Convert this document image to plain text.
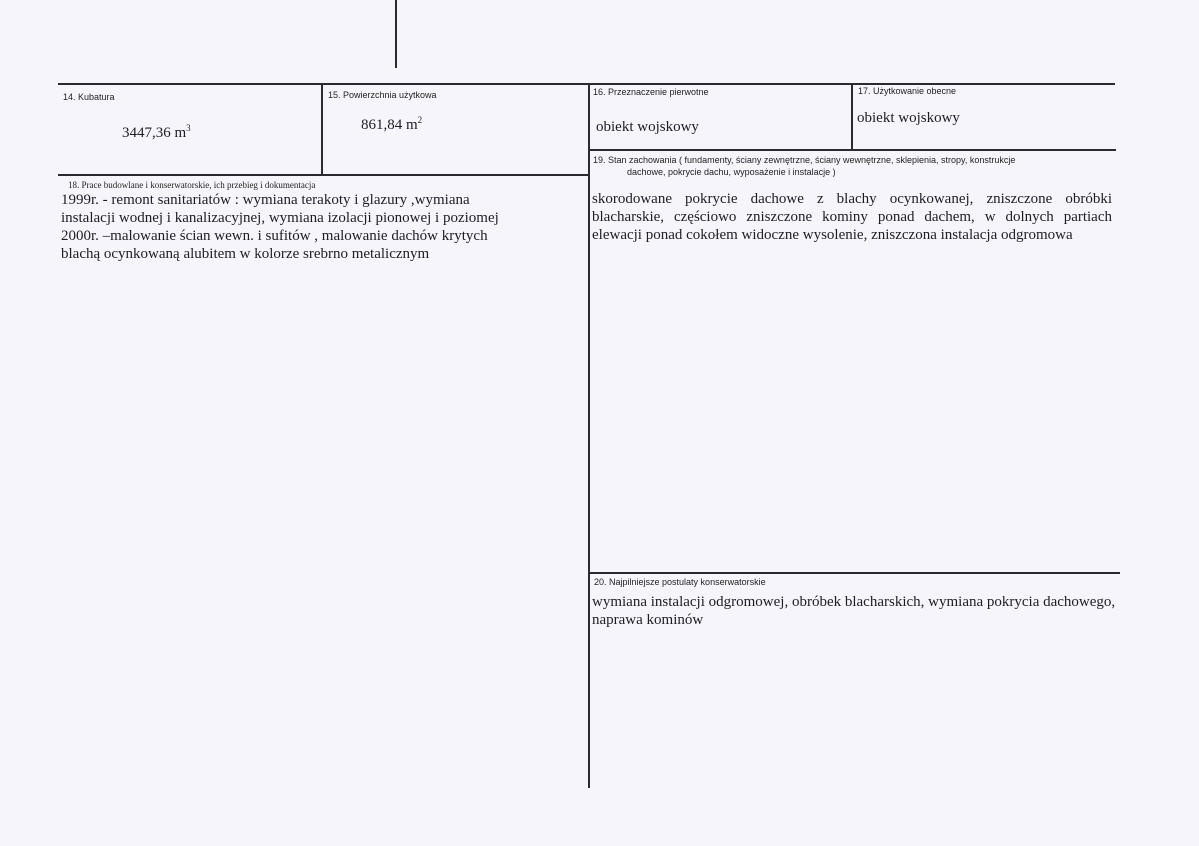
14. Kubatura
3447,36 $m^3$
15. Powierzchnia użytkowa
861,84 $m^2$
16. Przeznaczenie pierwotne
obiekt wojskowy
17. Użytkowanie obecne
obiekt wojskowy
18. Prace budowlane i konserwatorskie, ich przebieg i dokumentacja
1999r. - remont sanitariatów : wymiana terakoty i glazury ,wymiana
instalacji wodnej i kanalizacyjnej, wymiana izolacji pionowej i poziomej
2000r. –malowanie ścian wewn. i sufitów , malowanie dachów krytych
blachą ocynkowaną alubitem w kolorze srebrno metalicznym
19. Stan zachowania ( fundamenty, ściany zewnętrzne, ściany wewnętrzne, sklepienia, stropy, konstrukcje
dachowe, pokrycie dachu, wyposażenie i instalacje )
skorodowane pokrycie dachowe z blachy ocynkowanej, zniszczone obróbki blacharskie, częściowo zniszczone kominy ponad dachem, w dolnych partiach elewacji ponad cokołem widoczne wysolenie, zniszczona instalacja odgromowa
20. Najpilniejsze postulaty konserwatorskie
wymiana instalacji odgromowej, obróbek blacharskich, wymiana pokrycia dachowego, naprawa kominów
